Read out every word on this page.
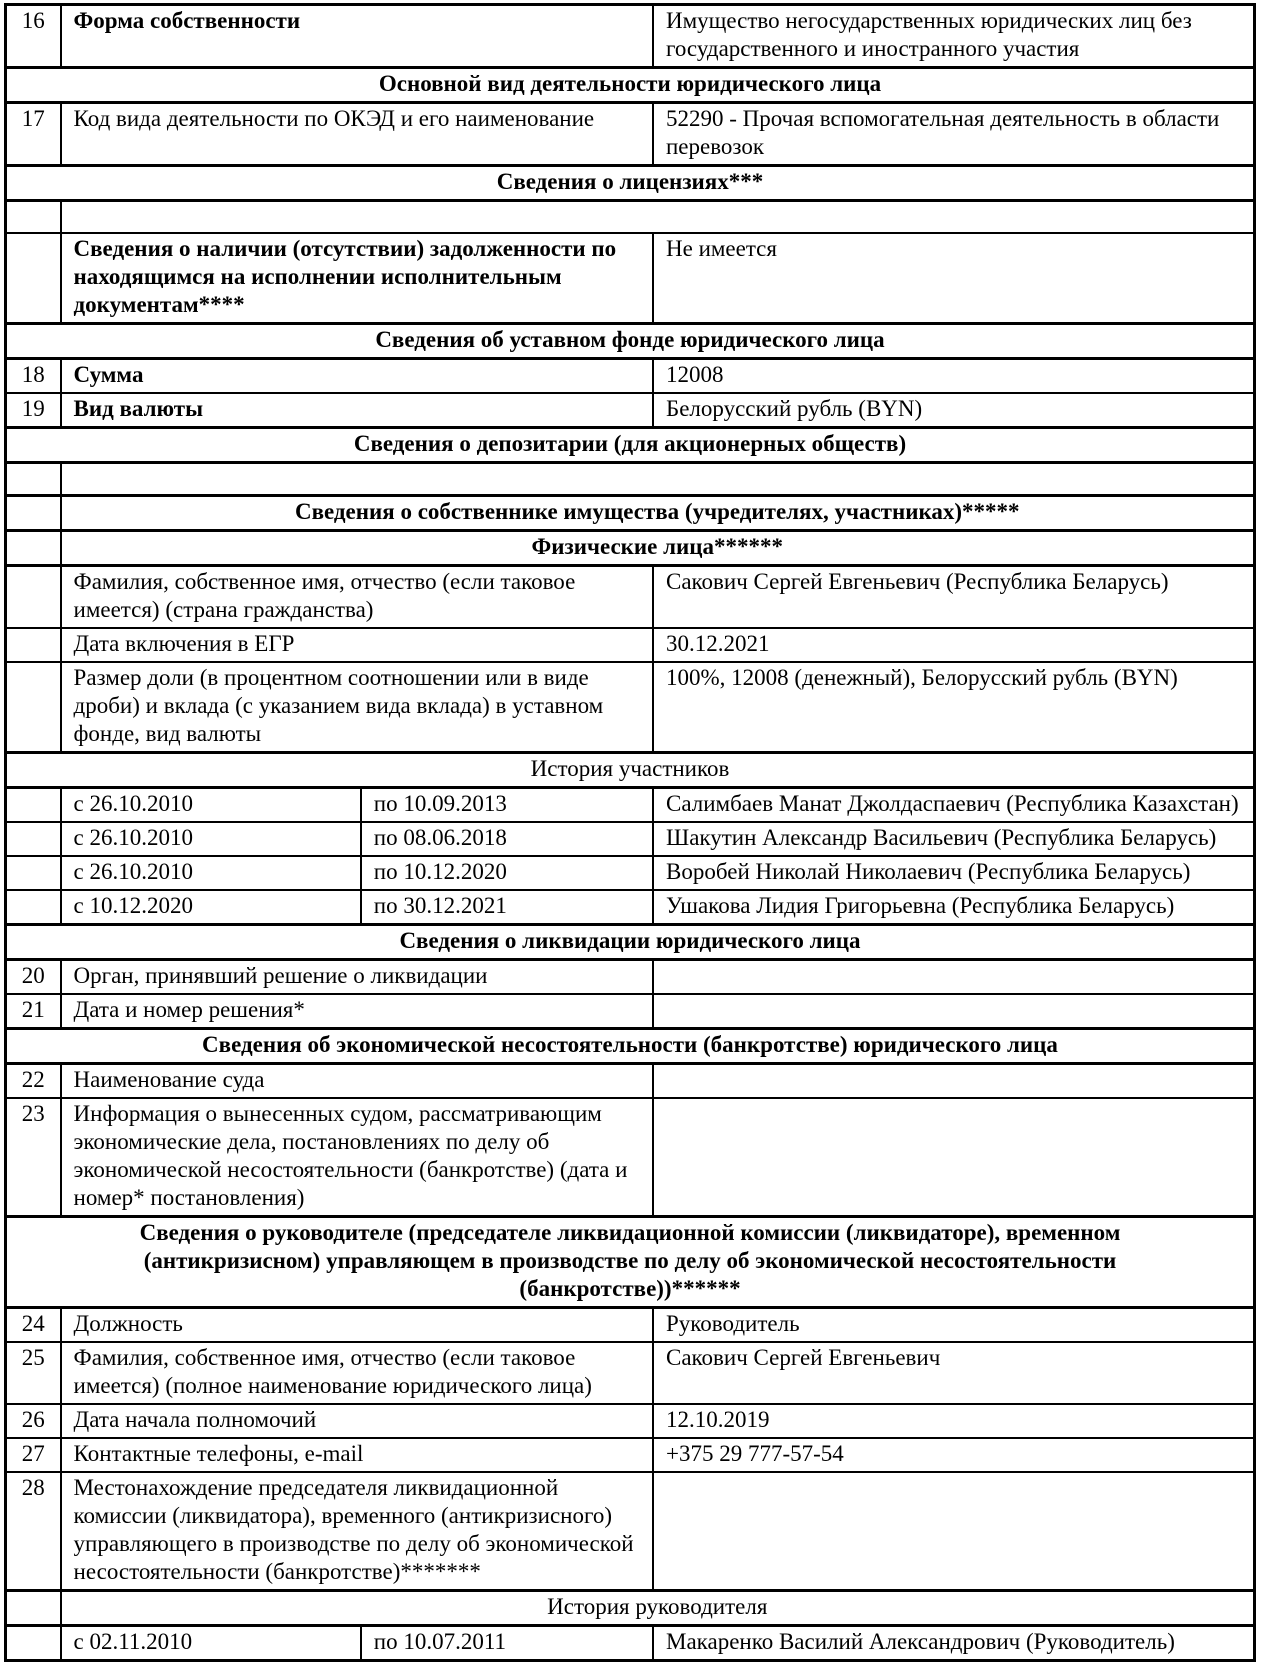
16	Форма собственности		Имущество негосударственных юридических лиц без государственного и иностранного участия
Основной вид деятельности юридического лица			
17	Код вида деятельности по ОКЭД и его наименование		52290 - Прочая вспомогательная деятельность в области перевозок
Сведения о лицензиях***			

	Сведения о наличии (отсутствии) задолженности по находящимся на исполнении исполнительным документам****		Не имеется
Сведения об уставном фонде юридического лица			
18	Сумма		12008
19	Вид валюты		Белорусский рубль (BYN)
Сведения о депозитарии (для акционерных обществ)			

	Сведения о собственнике имущества (учредителях, участниках)*****		
	Физические лица******		
	Фамилия, собственное имя, отчество (если таковое имеется) (страна гражданства)		Сакович Сергей Евгеньевич (Республика Беларусь)
	Дата включения в ЕГР		30.12.2021
	Размер доли (в процентном соотношении или в виде дроби) и вклада (с указанием вида вклада) в уставном фонде, вид валюты		100%, 12008 (денежный), Белорусский рубль (BYN)
История участников			
	с 26.10.2010	по 10.09.2013	Салимбаев Манат Джолдаспаевич (Республика Казахстан)
	с 26.10.2010	по 08.06.2018	Шакутин Александр Васильевич (Республика Беларусь)
	с 26.10.2010	по 10.12.2020	Воробей Николай Николаевич (Республика Беларусь)
	с 10.12.2020	по 30.12.2021	Ушакова Лидия Григорьевна (Республика Беларусь)
Сведения о ликвидации юридического лица			
20	Орган, принявший решение о ликвидации		
21	Дата и номер решения*		
Сведения об экономической несостоятельности (банкротстве) юридического лица			
22	Наименование суда		
23	Информация о вынесенных судом, рассматривающим экономические дела, постановлениях по делу об экономической несостоятельности (банкротстве) (дата и номер* постановления)		
Сведения о руководителе (председателе ликвидационной комиссии (ликвидаторе), временном (антикризисном) управляющем в производстве по делу об экономической несостоятельности (банкротстве))******			
24	Должность		Руководитель
25	Фамилия, собственное имя, отчество (если таковое имеется) (полное наименование юридического лица)		Сакович Сергей Евгеньевич
26	Дата начала полномочий		12.10.2019
27	Контактные телефоны, e-mail		+375 29 777-57-54
28	Местонахождение председателя ликвидационной комиссии (ликвидатора), временного (антикризисного) управляющего в производстве по делу об экономической несостоятельности (банкротстве)*******		
	История руководителя		
	с 02.11.2010	по 10.07.2011	Макаренко Василий Александрович (Руководитель)
